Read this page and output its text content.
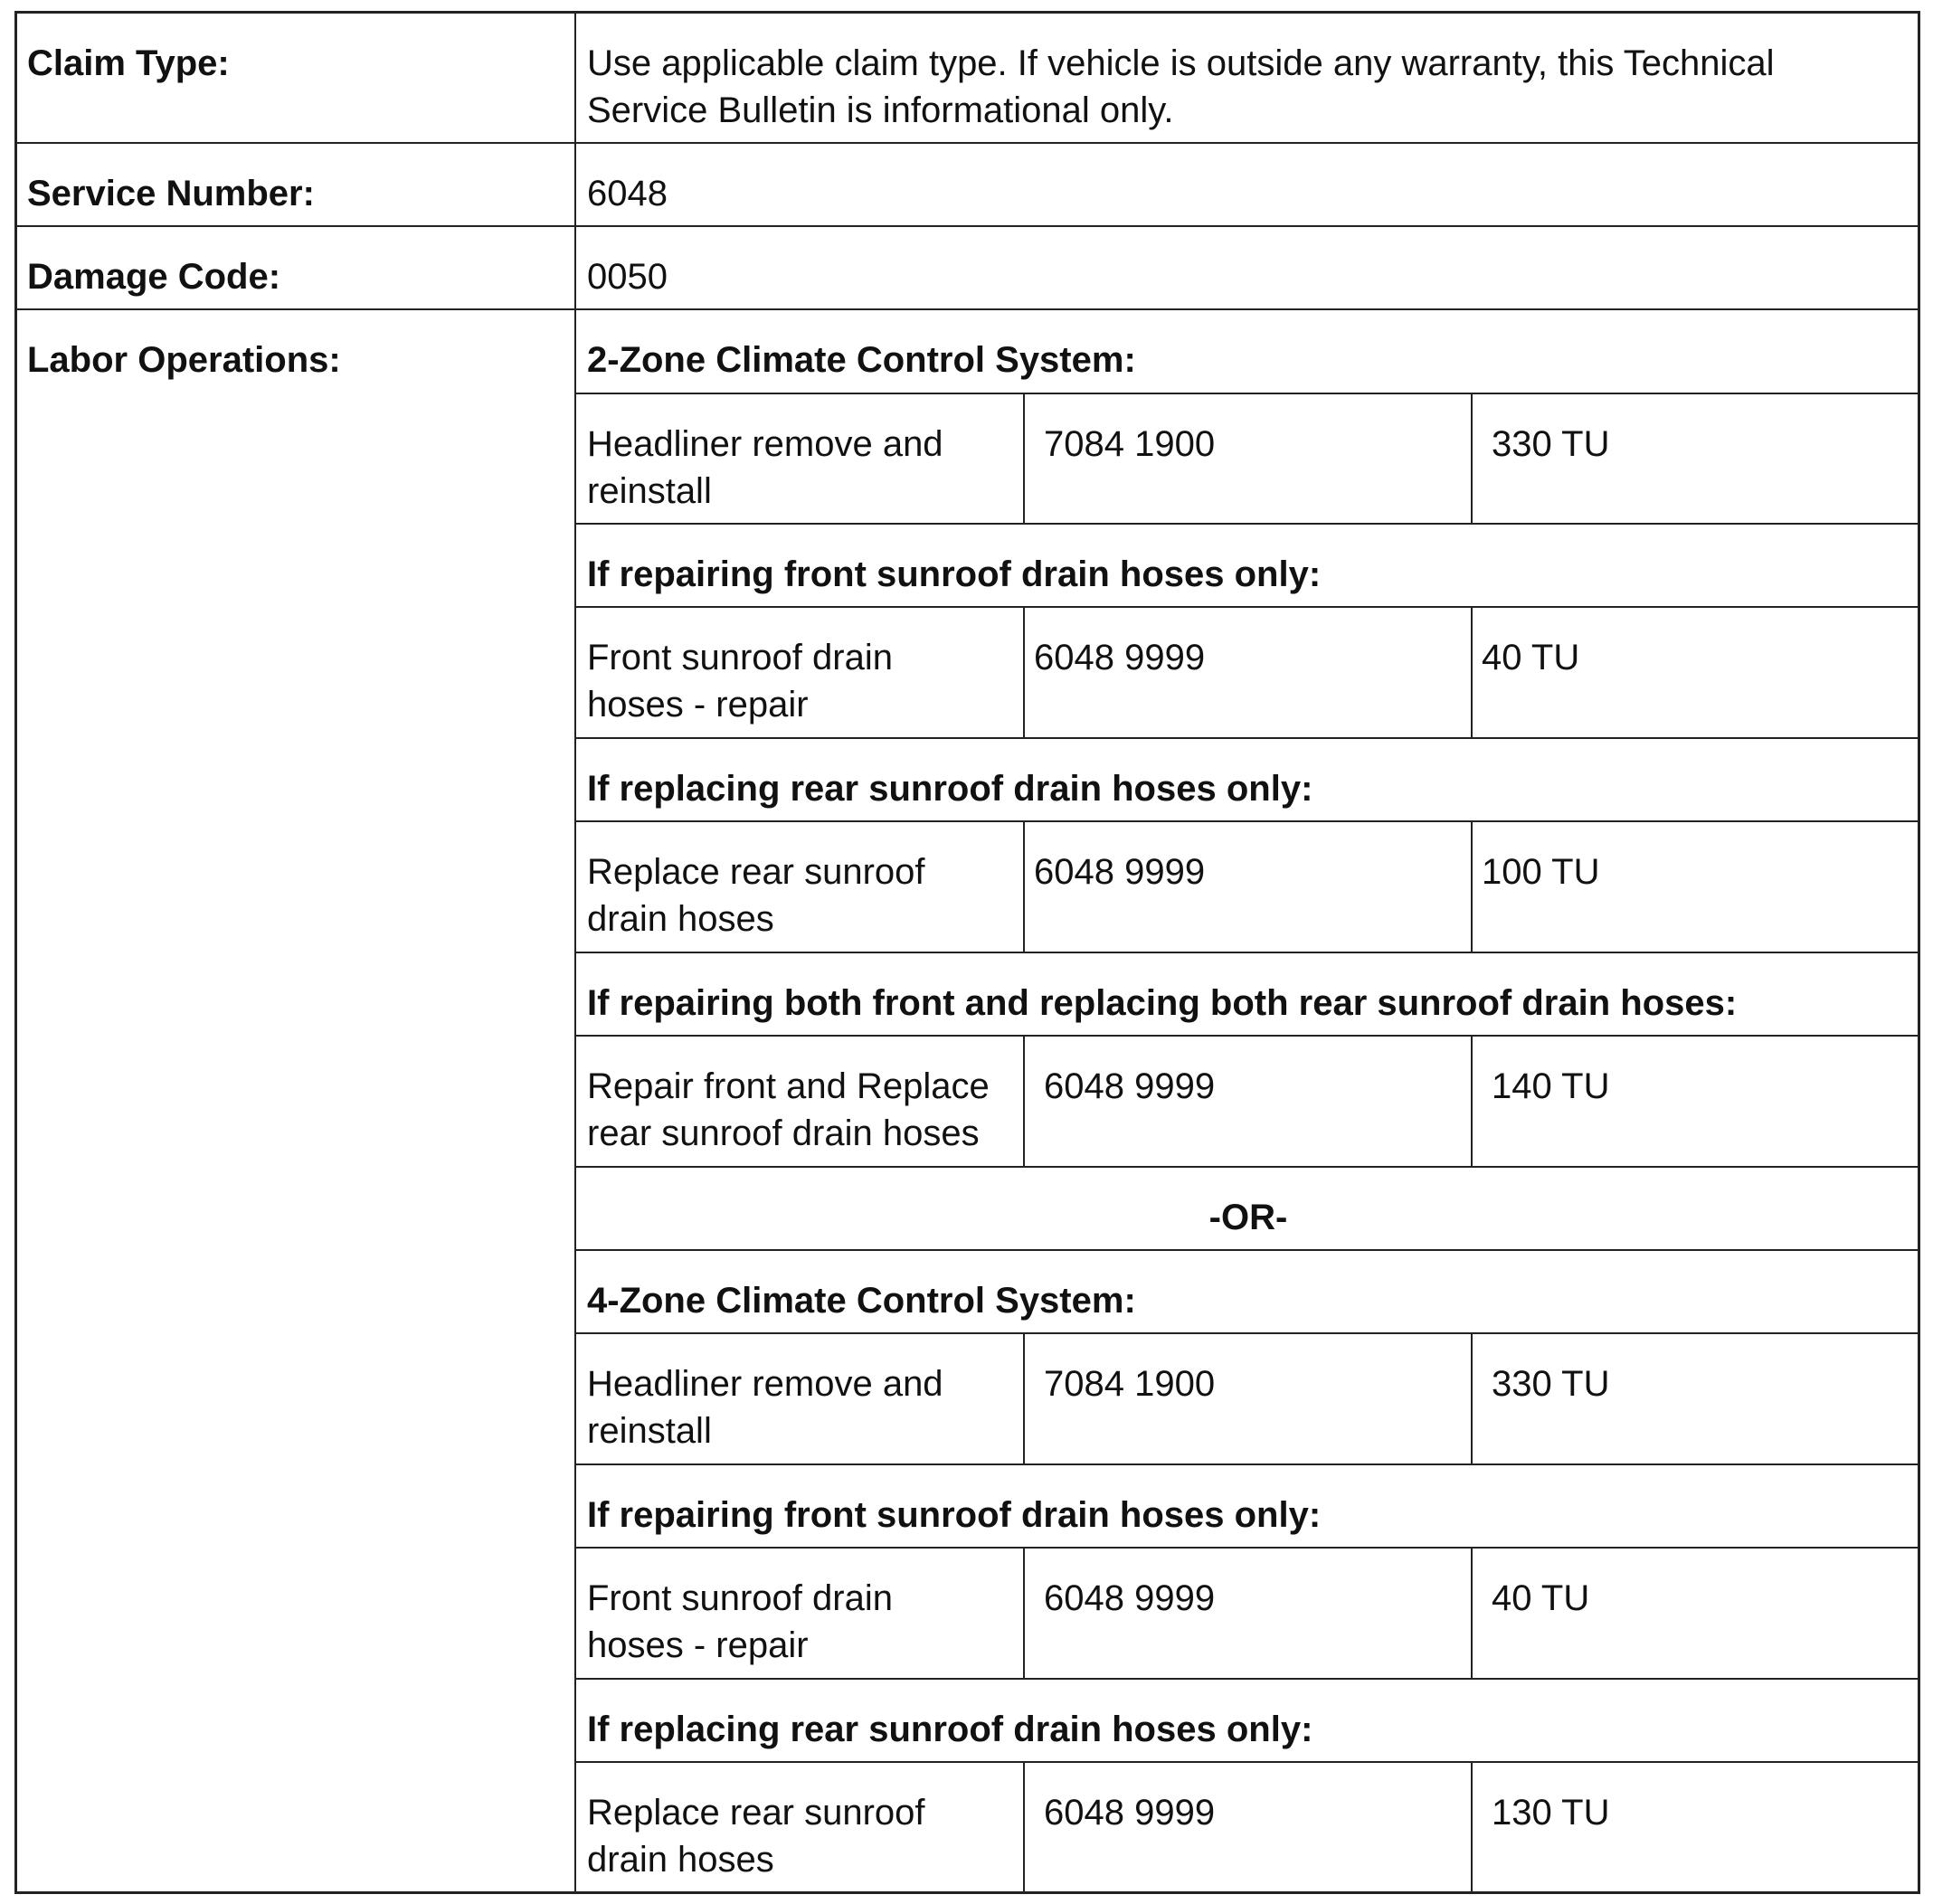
Claim Type:	Use applicable claim type. If vehicle is outside any warranty, this Technical
Service Bulletin is informational only.
Service Number:	6048
Damage Code:	0050
Labor Operations:	2-Zone Climate Control System:
Headliner remove and
reinstall
7084 1900	330 TU
If repairing front sunroof drain hoses only:
Front sunroof drain
hoses - repair
6048 9999	40 TU
If replacing rear sunroof drain hoses only:
Replace rear sunroof
drain hoses
6048 9999	100 TU
If repairing both front and replacing both rear sunroof drain hoses:
Repair front and Replace
rear sunroof drain hoses
6048 9999	140 TU
-OR-
4-Zone Climate Control System:
Headliner remove and
reinstall
7084 1900	330 TU
If repairing front sunroof drain hoses only:
Front sunroof drain
hoses - repair
6048 9999	40 TU
If replacing rear sunroof drain hoses only:
Replace rear sunroof
drain hoses
6048 9999	130 TU
